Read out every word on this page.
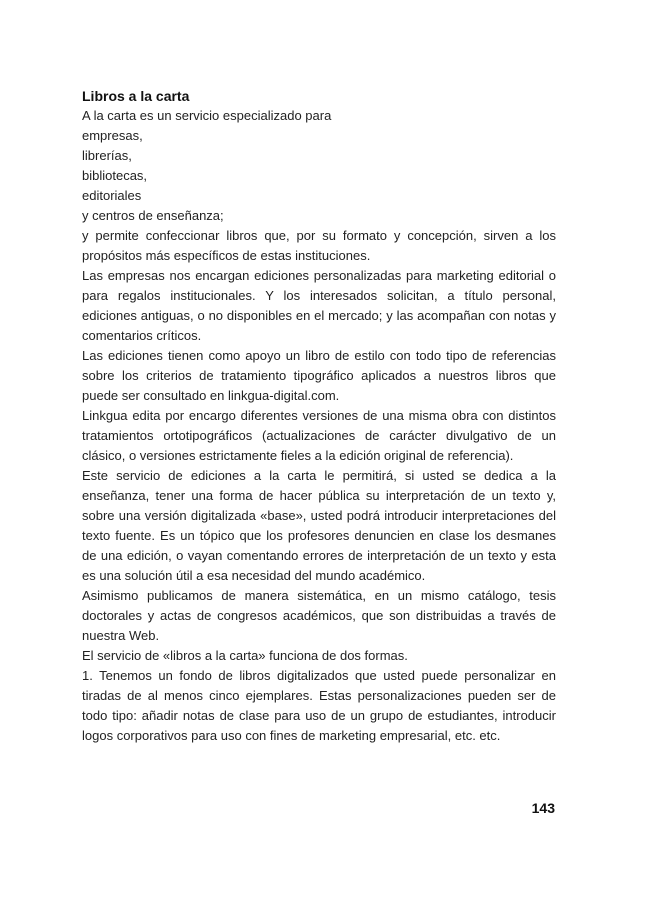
Libros a la carta

A la carta es un servicio especializado para

empresas,

librerías,

bibliotecas,

editoriales

y centros de enseñanza;

y permite confeccionar libros que, por su formato y concepción, sirven a los propósitos más específicos de estas instituciones.

Las empresas nos encargan ediciones personalizadas para marketing editorial o para regalos institucionales. Y los interesados solicitan, a título personal, ediciones antiguas, o no disponibles en el mercado; y las acompañan con notas y comentarios críticos.

Las ediciones tienen como apoyo un libro de estilo con todo tipo de referencias sobre los criterios de tratamiento tipográfico aplicados a nuestros libros que puede ser consultado en linkgua-digital.com.

Linkgua edita por encargo diferentes versiones de una misma obra con distintos tratamientos ortotipográficos (actualizaciones de carácter divulgativo de un clásico, o versiones estrictamente fieles a la edición original de referencia).

Este servicio de ediciones a la carta le permitirá, si usted se dedica a la enseñanza, tener una forma de hacer pública su interpretación de un texto y, sobre una versión digitalizada «base», usted podrá introducir interpretaciones del texto fuente. Es un tópico que los profesores denuncien en clase los desmanes de una edición, o vayan comentando errores de interpretación de un texto y esta es una solución útil a esa necesidad del mundo académico.

Asimismo publicamos de manera sistemática, en un mismo catálogo, tesis doctorales y actas de congresos académicos, que son distribuidas a través de nuestra Web.

El servicio de «libros a la carta» funciona de dos formas.

1. Tenemos un fondo de libros digitalizados que usted puede personalizar en tiradas de al menos cinco ejemplares. Estas personalizaciones pueden ser de todo tipo: añadir notas de clase para uso de un grupo de estudiantes, introducir logos corporativos para uso con fines de marketing empresarial, etc. etc.

143
